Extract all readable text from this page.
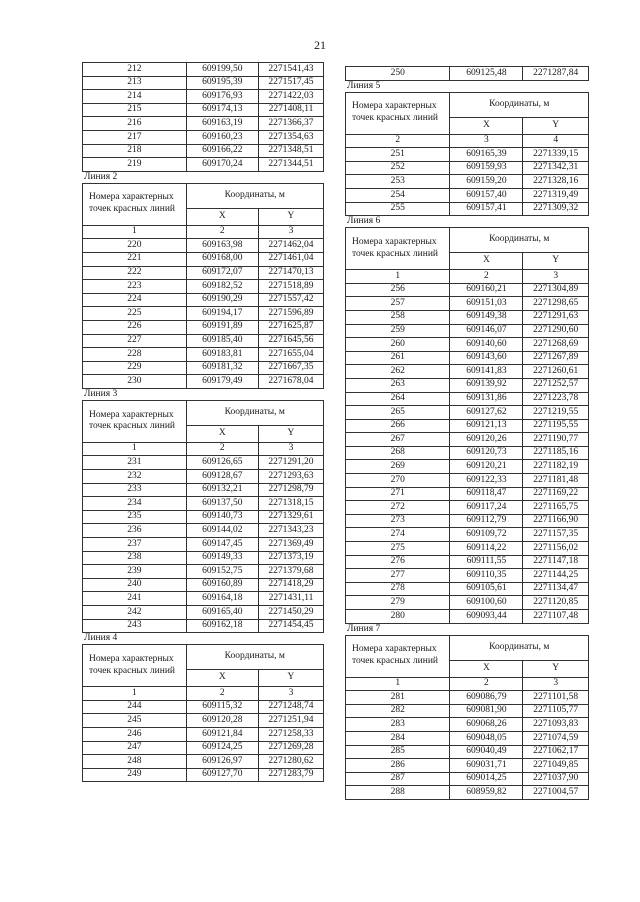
21
212	609199,50	2271541,43
213	609195,39	2271517,45
214	609176,93	2271422,03
215	609174,13	2271408,11
216	609163,19	2271366,37
217	609160,23	2271354,63
218	609166,22	2271348,51
219	609170,24	2271344,51
Линия 2
Номера характерных точек красных линий	Координаты, м	
	X	Y
1	2	3
220	609163,98	2271462,04
221	609168,00	2271461,04
222	609172,07	2271470,13
223	609182,52	2271518,89
224	609190,29	2271557,42
225	609194,17	2271596,89
226	609191,89	2271625,87
227	609185,40	2271645,56
228	609183,81	2271655,04
229	609181,32	2271667,35
230	609179,49	2271678,04
Линия 3
Номера характерных точек красных линий	Координаты, м	
	X	Y
1	2	3
231	609126,65	2271291,20
232	609128,67	2271293,63
233	609132,21	2271298,79
234	609137,50	2271318,15
235	609140,73	2271329,61
236	609144,02	2271343,23
237	609147,45	2271369,49
238	609149,33	2271373,19
239	609152,75	2271379,68
240	609160,89	2271418,29
241	609164,18	2271431,11
242	609165,40	2271450,29
243	609162,18	2271454,45
Линия 4
Номера характерных точек красных линий	Координаты, м	
	X	Y
1	2	3
244	609115,32	2271248,74
245	609120,28	2271251,94
246	609121,84	2271258,33
247	609124,25	2271269,28
248	609126,97	2271280,62
249	609127,70	2271283,79
250	609125,48	2271287,84
Линия 5
Номера характерных точек красных линий	Координаты, м	
	X	Y
2	3	4
251	609165,39	2271339,15
252	609159,93	2271342,31
253	609159,20	2271328,16
254	609157,40	2271319,49
255	609157,41	2271309,32
Линия 6
Номера характерных точек красных линий	Координаты, м	
	X	Y
1	2	3
256	609160,21	2271304,89
257	609151,03	2271298,65
258	609149,38	2271291,63
259	609146,07	2271290,60
260	609140,60	2271268,69
261	609143,60	2271267,89
262	609141,83	2271260,61
263	609139,92	2271252,57
264	609131,86	2271223,78
265	609127,62	2271219,55
266	609121,13	2271195,55
267	609120,26	2271190,77
268	609120,73	2271185,16
269	609120,21	2271182,19
270	609122,33	2271181,48
271	609118,47	2271169,22
272	609117,24	2271165,75
273	609112,79	2271166,90
274	609109,72	2271157,35
275	609114,22	2271156,02
276	609111,55	2271147,18
277	609110,35	2271144,25
278	609105,61	2271134,47
279	609100,60	2271120,85
280	609093,44	2271107,48
Линия 7
Номера характерных точек красных линий	Координаты, м	
	X	Y
1	2	3
281	609086,79	2271101,58
282	609081,90	2271105,77
283	609068,26	2271093,83
284	609048,05	2271074,59
285	609040,49	2271062,17
286	609031,71	2271049,85
287	609014,25	2271037,90
288	608959,82	2271004,57
